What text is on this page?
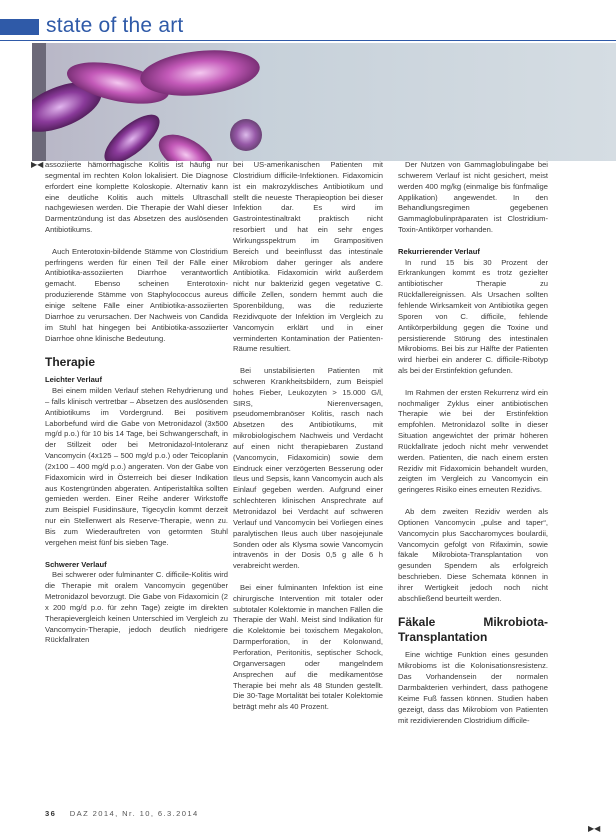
state of the art
▶◀ assoziierte hämorrhagische Kolitis ist häufig nur segmental im rechten Kolon lokalisiert. Die Diagnose erfordert eine komplette Koloskopie. Alternativ kann eine deutliche Kolitis auch mittels Ultraschall nachgewiesen werden. Die Therapie der Wahl dieser Darmentzündung ist das Absetzen des auslösenden Antibiotikums.

Auch Enterotoxin-bildende Stämme von Clostridium perfringens werden für einen Teil der Fälle einer Antibiotika-assoziierten Diarrhoe verantwortlich gemacht. Ebenso scheinen Enterotoxin-produzierende Stämme von Staphylococcus aureus einige seltene Fälle einer Antibiotika-assoziierten Diarrhoe zu verursachen. Der Nachweis von Candida im Stuhl hat hingegen bei Antibiotika-assoziierter Diarrhoe ohne klinische Bedeutung.

Therapie

Leichter Verlauf

Bei einem milden Verlauf stehen Rehydrierung und – falls klinisch vertretbar – Absetzen des auslösenden Antibiotikums im Vordergrund. Bei positivem Laborbefund wird die Gabe von Metronidazol (3x500 mg/d p.o.) für 10 bis 14 Tage, bei Schwangerschaft, in der Stillzeit oder bei Metronidazol-Intoleranz Vancomycin (4x125 – 500 mg/d p.o.) oder Teicoplanin (2x100 – 400 mg/d p.o.) angeraten. Von der Gabe von Fidaxomicin wird in Österreich bei dieser Indikation aus Kostengründen abgeraten. Antiperistaltika sollten gemieden werden. Einer Reihe anderer Wirkstoffe zum Beispiel Fusidinsäure, Tigecyclin kommt derzeit nur ein Stellenwert als Reserve-Therapie, wenn zu. Bis zum Wiederauftreten von getormten Stuhl vergehen meist fünf bis sieben Tage.

Schwerer Verlauf

Bei schwerer oder fulminanter C. difficile-Kolitis wird die Therapie mit oralem Vancomycin gegenüber Metronidazol bevorzugt. Die Gabe von Fidaxomicin (2 x 200 mg/d p.o. für zehn Tage) zeigte im direkten Therapievergleich keinen Unterschied im Vergleich zu Vancomycin-Therapie, jedoch deutlich niedrigere Rückfallraten

bei US-amerikanischen Patienten mit Clostridium difficile-Infektionen. Fidaxomicin ist ein makrozyklisches Antibiotikum und stellt die neueste Therapieoption bei dieser Infektion dar. Es wird im Gastrointestinaltrakt praktisch nicht resorbiert und hat ein sehr enges Wirkungsspektrum im Grampositiven Bereich und beeinflusst das intestinale Mikrobiom daher geringer als andere Antibiotika. Fidaxomicin wirkt außerdem nicht nur bakterizid gegen vegetative C. difficile Zellen, sondern hemmt auch die Sporenbildung, was die reduzierte Rezidivquote der Infektion im Vergleich zu Vancomycin erklärt und in einer verminderten Kontamination der Patienten-Räume resultiert.

Bei unstabilisierten Patienten mit schweren Krankheitsbildern, zum Beispiel hohes Fieber, Leukozyten > 15.000 G/l, SIRS, Nierenversagen, pseudomembranöser Kolitis, rasch nach Absetzen des Antibiotikums, mit mikrobiologischem Nachweis und Verdacht auf einen nicht therapiebaren Zustand (Vancomycin, Fidaxomicin) sowie dem Eindruck einer verzögerten Besserung oder Ileus und Sepsis, kann Vancomycin auch als Einlauf gegeben werden. Aufgrund einer schlechteren klinischen Ansprechrate auf Metronidazol bei Verdacht auf schweren Verlauf und Vancomycin bei Vorliegen eines paralytischen Ileus auch über nasojejunale Sonden oder als Klysma sowie Vancomycin intravenös in der Dosis 0,5 g alle 6 h verabreicht werden.

Bei einer fulminanten Infektion ist eine chirurgische Intervention mit totaler oder subtotaler Kolektomie in manchen Fällen die Therapie der Wahl. Meist sind Indikation für die Kolektomie bei toxischem Megakolon, Darmperforation, in der Kolonwand, Perforation, Peritonitis, septischer Schock, Organversagen oder mangelndem Ansprechen auf die medikamentöse Therapie bei mehr als 48 Stunden gestellt. Die 30-Tage Mortalität bei totaler Kolektomie beträgt mehr als 40 Prozent.

Der Nutzen von Gammaglobulingabe bei schwerem Verlauf ist nicht gesichert, meist werden 400 mg/kg (einmalige bis fünfmalige Applikation) angewendet. In den Behandlungsregimen gegebenen Gammaglobulinpräparaten ist Clostridium-Toxin-Antikörper vorhanden.

Rekurrierender Verlauf

In rund 15 bis 30 Prozent der Erkrankungen kommt es trotz gezielter antibiotischer Therapie zu Rückfallereignissen. Als Ursachen sollten fehlende Wirksamkeit von Antibiotika gegen Sporen von C. difficile, fehlende Antikörperbildung gegen die Toxine und persistierende Störung des intestinalen Mikrobioms. Bei bis zur Hälfte der Patienten wird hierbei ein anderer C. difficile-Ribotyp als bei der Erstinfektion gefunden.

Im Rahmen der ersten Rekurrenz wird ein nochmaliger Zyklus einer antibiotischen Therapie wie bei der Erstinfektion empfohlen. Metronidazol sollte in dieser Situation angewichtet der primär höheren Rückfallrate jedoch nicht mehr verwendet werden. Patienten, die nach einem ersten Rezidiv mit Fidaxomicin behandelt wurden, zeigten im Vergleich zu Vancomycin ein geringeres Risiko eines erneuten Rezidivs.

Ab dem zweiten Rezidiv werden als Optionen Vancomycin „pulse and taper“, Vancomycin plus Saccharomyces boulardii, Vancomycin gefolgt von Rifaximin, sowie fäkale Mikrobiota-Transplantation von gesunden Spendern als erfolgreich beschrieben. Diese Schemata können in ihrer Wertigkeit jedoch noch nicht abschließend beurteilt werden.

Fäkale Mikrobiota-Transplantation

Eine wichtige Funktion eines gesunden Mikrobioms ist die Kolonisationsresistenz. Das Vorhandensein der normalen Darmbakterien verhindert, dass pathogene Keime Fuß fassen können. Studien haben gezeigt, dass das Mikrobiom von Patienten mit rezidivierenden Clostridium difficile-

▶◀
36 DAZ 2014, Nr. 10, 6.3.2014
